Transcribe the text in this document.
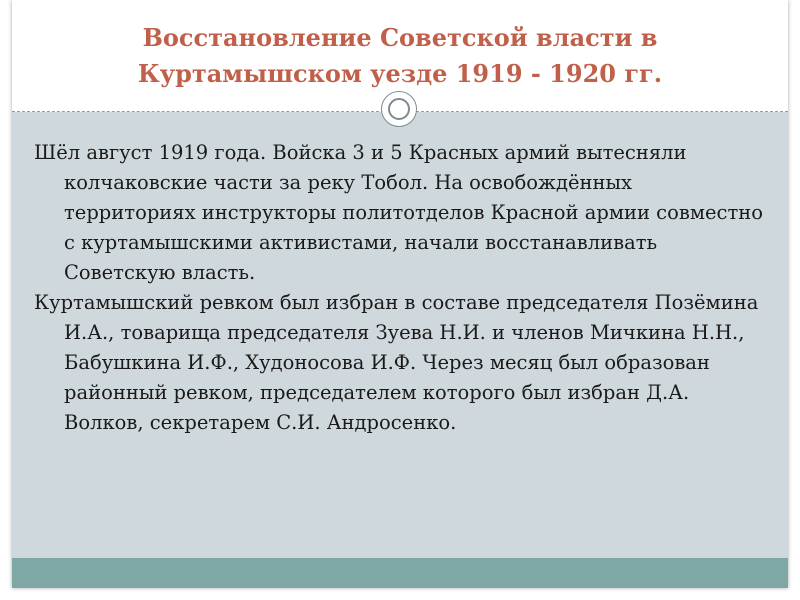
Восстановление Советской власти в
Куртамышском уезде 1919 - 1920 гг.

Шёл август 1919 года. Войска 3 и 5 Красных армий вытесняли колчаковские части за реку Тобол. На освобождённых территориях инструкторы политотделов Красной армии совместно с куртамышскими активистами, начали восстанавливать Советскую власть.

Куртамышский ревком был избран в составе председателя Позёмина И.А., товарища председателя Зуева Н.И. и членов Мичкина Н.Н., Бабушкина И.Ф., Худоносова И.Ф. Через месяц был образован районный ревком, председателем которого был избран Д.А. Волков, секретарем С.И. Андросенко.
